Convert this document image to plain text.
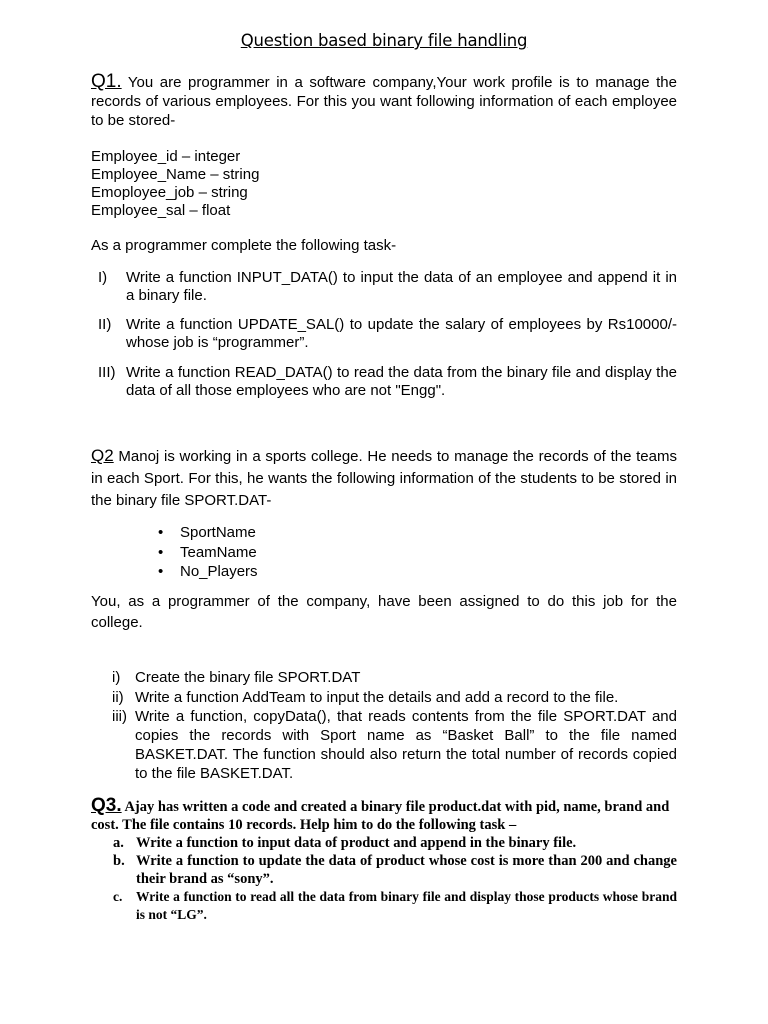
Question based binary file handling
Q1. You are programmer in a software company,Your work profile is to manage the records of various employees. For this you want following information of each employee to be stored-
Employee_id – integer
Employee_Name – string
Emoployee_job – string
Employee_sal – float
As a programmer complete the following task-
I)	Write a function INPUT_DATA() to input the data of an employee and append it in a binary file.
II) Write a function UPDATE_SAL() to update the salary of employees by Rs10000/- whose job is “programmer”.
III) Write a function READ_DATA() to read the data from the binary file and display the data of all those employees who are not "Engg".
Q2 Manoj is working in a sports college. He needs to manage the records of the teams in each Sport. For this, he wants the following information of the students to be stored in the binary file SPORT.DAT-
•	SportName
•	TeamName
•	No_Players
You, as a programmer of the company, have been assigned to do this job for the college.
i) Create the binary file SPORT.DAT
ii) Write a function AddTeam to input the details and add a record to the file.
iii) Write a function, copyData(), that reads contents from the file SPORT.DAT and copies the records with Sport name as “Basket Ball” to the file named BASKET.DAT. The function should also return the total number of records copied to the file BASKET.DAT.
Q3. Ajay has written a code and created a binary file product.dat with pid, name, brand and cost. The file contains 10 records. Help him to do the following task –
a. Write a function to input data of product and append in the binary file.
b. Write a function to update the data of product whose cost is more than 200 and change their brand as “sony”.
c.	Write a function to read all the data from binary file and display those products whose brand is not “LG”.
